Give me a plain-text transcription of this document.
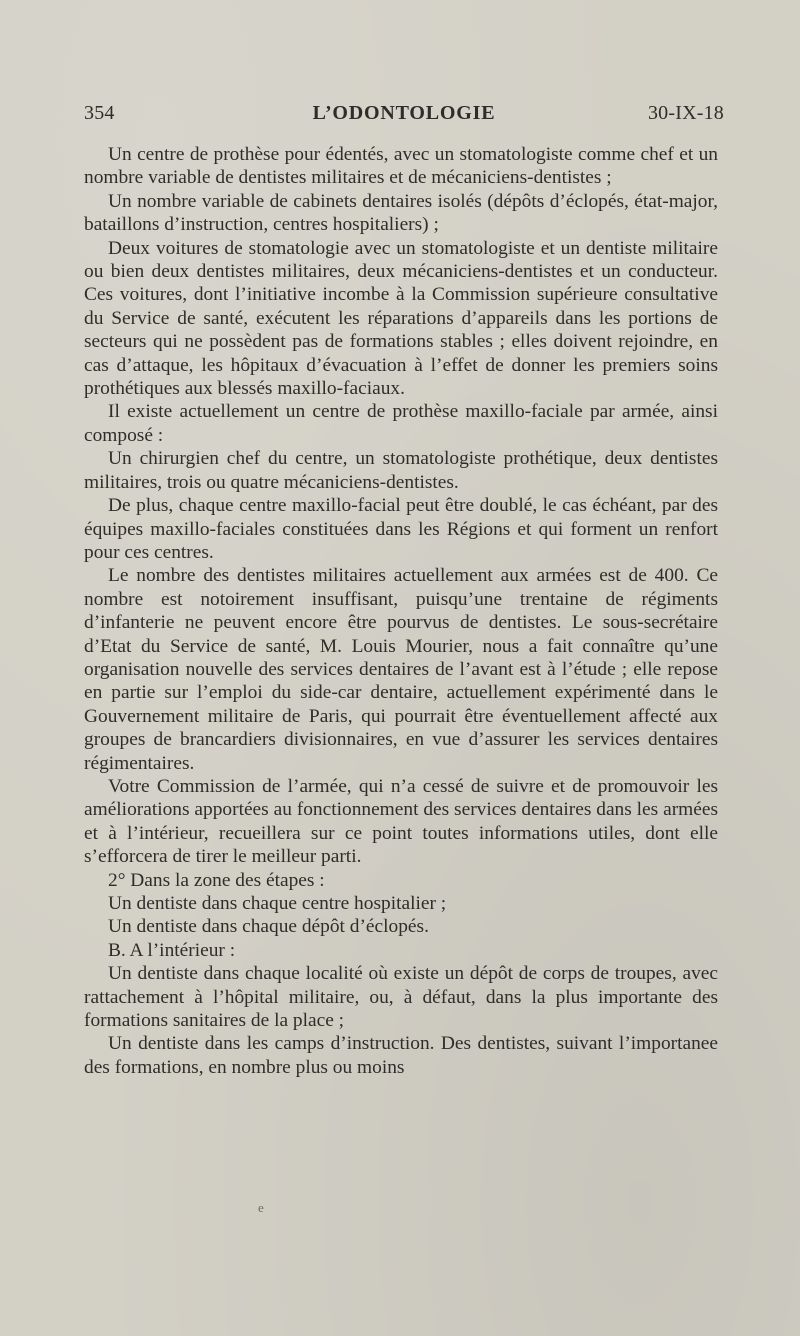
354	L’ODONTOLOGIE	30-IX-18

Un centre de prothèse pour édentés, avec un stomatologiste comme chef et un nombre variable de dentistes militaires et de mécaniciens-dentistes ;

Un nombre variable de cabinets dentaires isolés (dépôts d’éclopés, état-major, bataillons d’instruction, centres hospitaliers) ;

Deux voitures de stomatologie avec un stomatologiste et un dentiste militaire ou bien deux dentistes militaires, deux mécaniciens-dentistes et un conducteur. Ces voitures, dont l’initiative incombe à la Commission supérieure consultative du Service de santé, exécutent les réparations d’appareils dans les portions de secteurs qui ne possèdent pas de formations stables ; elles doivent rejoindre, en cas d’attaque, les hôpitaux d’évacuation à l’effet de donner les premiers soins prothétiques aux blessés maxillo-faciaux.

Il existe actuellement un centre de prothèse maxillo-faciale par armée, ainsi composé :

Un chirurgien chef du centre, un stomatologiste prothétique, deux dentistes militaires, trois ou quatre mécaniciens-dentistes.

De plus, chaque centre maxillo-facial peut être doublé, le cas échéant, par des équipes maxillo-faciales constituées dans les Régions et qui forment un renfort pour ces centres.

Le nombre des dentistes militaires actuellement aux armées est de 400. Ce nombre est notoirement insuffisant, puisqu’une trentaine de régiments d’infanterie ne peuvent encore être pourvus de dentistes. Le sous-secrétaire d’Etat du Service de santé, M. Louis Mourier, nous a fait connaître qu’une organisation nouvelle des services dentaires de l’avant est à l’étude ; elle repose en partie sur l’emploi du side-car dentaire, actuellement expérimenté dans le Gouvernement militaire de Paris, qui pourrait être éventuellement affecté aux groupes de brancardiers divisionnaires, en vue d’assurer les services dentaires régimentaires.

Votre Commission de l’armée, qui n’a cessé de suivre et de promouvoir les améliorations apportées au fonctionnement des services dentaires dans les armées et à l’intérieur, recueillera sur ce point toutes informations utiles, dont elle s’efforcera de tirer le meilleur parti.

2° Dans la zone des étapes :

Un dentiste dans chaque centre hospitalier ;

Un dentiste dans chaque dépôt d’éclopés.

B. A l’intérieur :

Un dentiste dans chaque localité où existe un dépôt de corps de troupes, avec rattachement à l’hôpital militaire, ou, à défaut, dans la plus importante des formations sanitaires de la place ;

Un dentiste dans les camps d’instruction. Des dentistes, suivant l’importanee des formations, en nombre plus ou moins

e
